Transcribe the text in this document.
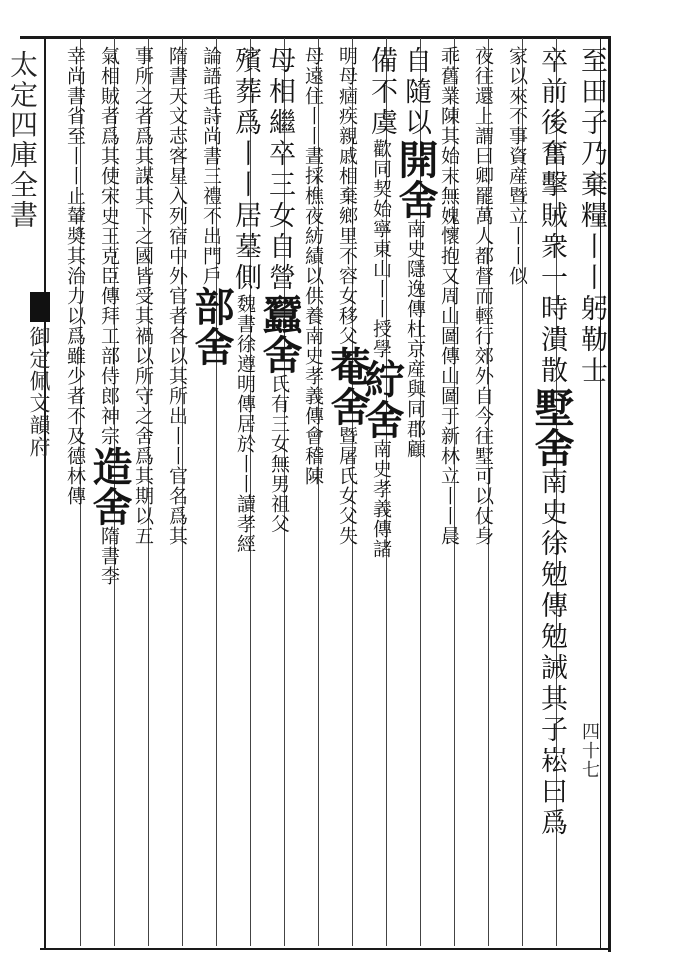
太定四庫全書
御定佩文韻府
四十七
至田子乃棄糧丨丨躬勒士
卒前後奮擊賊衆一時潰散墅舍南史徐勉傳勉誡其子崧曰爲
家以來不事資産暨立丨丨似
夜往還上謂曰卿罷萬人都督而輕行郊外自今往墅可以仗身
乖舊業陳其始末無媿懷抱又周山圖傳山圖于新林立丨丨晨
自隨以開舍南史隱逸傳杜京産與同郡顧
備不虞歡同契始寧東山丨丨授學紵舍南史孝義傳諸
明母痼疾親戚相棄鄉里不容女移父菴舍暨屠氏女父失
母遠住丨丨晝採樵夜紡績以供養南史孝義傳會稽陳
母相繼卒三女自營蠶舍氏有三女無男祖父
殯葬爲丨丨居墓側魏書徐遵明傳居於丨丨讀孝經
論語毛詩尚書三禮不出門戶部舍
隋書天文志客星入列宿中外官者各以其所出丨丨官名爲其
事所之者爲其謀其下之國皆受其禍以所守之舍爲其期以五
氣相賊者爲其使宋史王克臣傳拜工部侍郎神宗造舍隋書李
幸尚書省至丨丨止輦奬其治力以爲雖少者不及德林傳
